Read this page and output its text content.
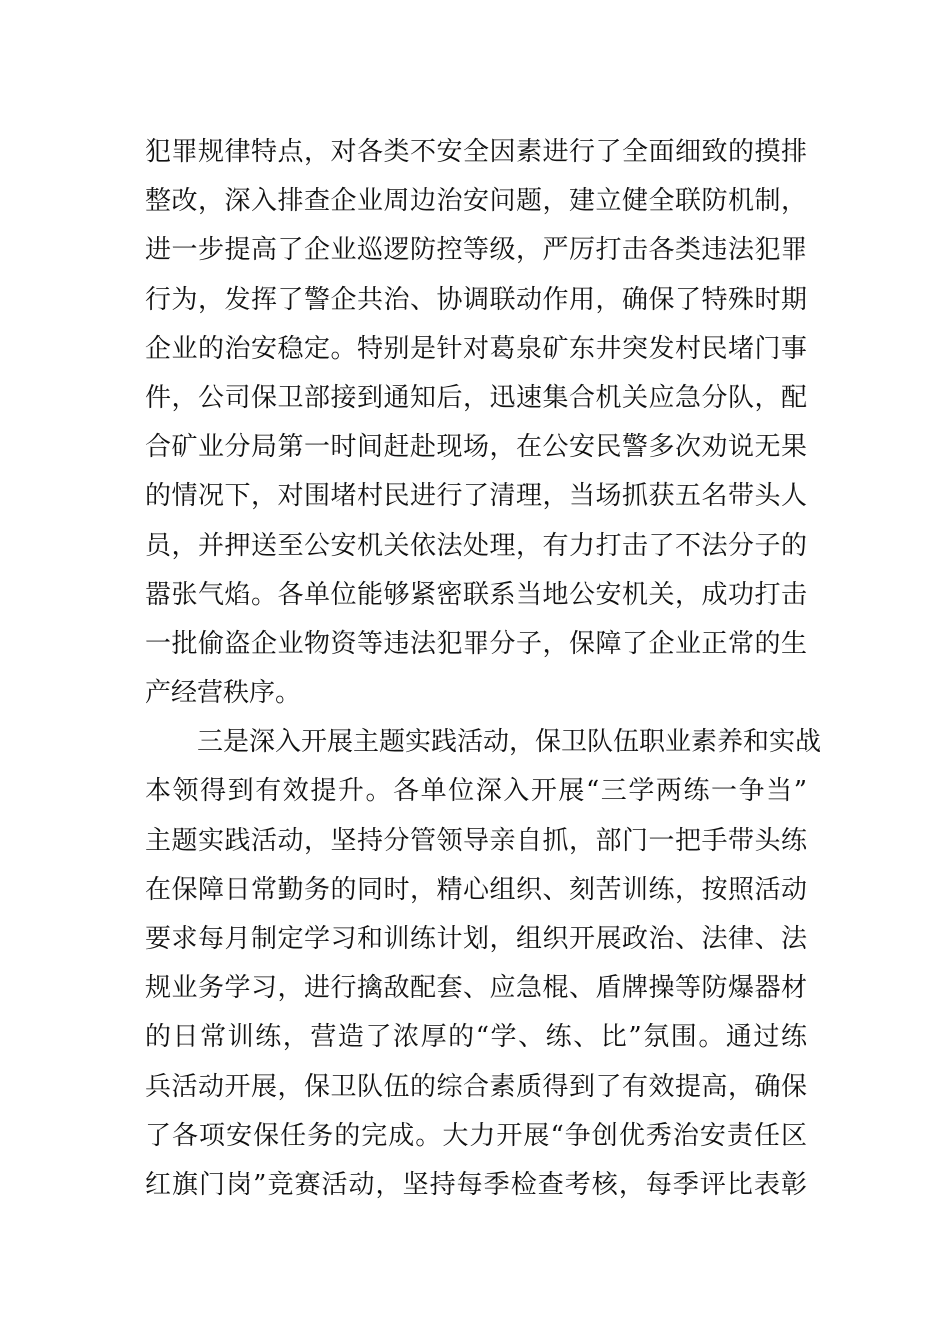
犯罪规律特点，对各类不安全因素进行了全面细致的摸排
整改，深入排查企业周边治安问题，建立健全联防机制，
进一步提高了企业巡逻防控等级，严厉打击各类违法犯罪
行为，发挥了警企共治、协调联动作用，确保了特殊时期
企业的治安稳定。特别是针对葛泉矿东井突发村民堵门事
件，公司保卫部接到通知后，迅速集合机关应急分队，配
合矿业分局第一时间赶赴现场，在公安民警多次劝说无果
的情况下，对围堵村民进行了清理，当场抓获五名带头人
员，并押送至公安机关依法处理，有力打击了不法分子的
嚣张气焰。各单位能够紧密联系当地公安机关，成功打击
一批偷盗企业物资等违法犯罪分子，保障了企业正常的生
产经营秩序。
三是深入开展主题实践活动，保卫队伍职业素养和实战
本领得到有效提升。各单位深入开展“三学两练一争当”
主题实践活动，坚持分管领导亲自抓，部门一把手带头练
在保障日常勤务的同时，精心组织、刻苦训练，按照活动
要求每月制定学习和训练计划，组织开展政治、法律、法
规业务学习，进行擒敌配套、应急棍、盾牌操等防爆器材
的日常训练，营造了浓厚的“学、练、比”氛围。通过练
兵活动开展，保卫队伍的综合素质得到了有效提高，确保
了各项安保任务的完成。大力开展“争创优秀治安责任区
红旗门岗”竞赛活动，坚持每季检查考核，每季评比表彰
